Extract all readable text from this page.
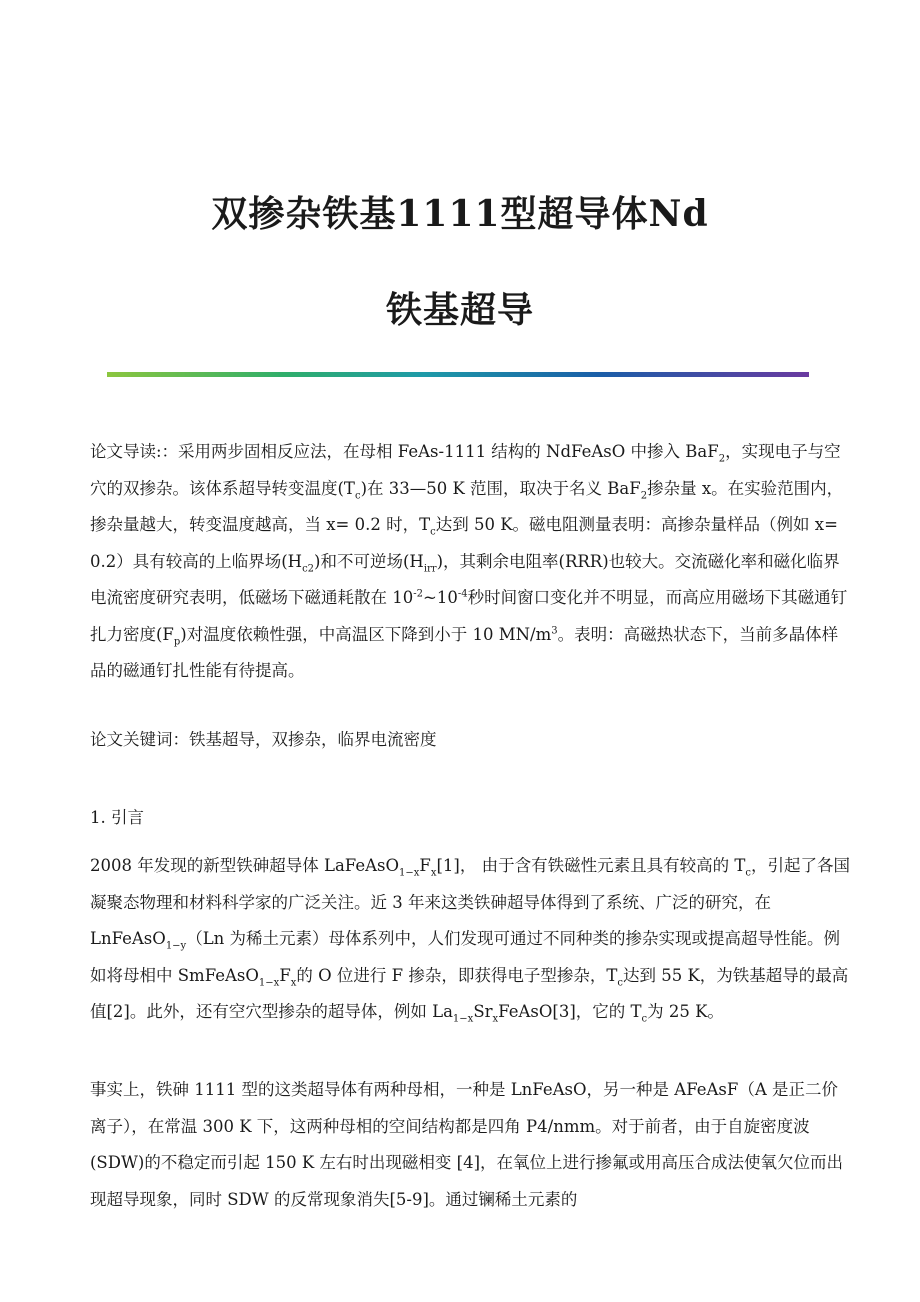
双掺杂铁基1111型超导体Nd
铁基超导

论文导读:：采用两步固相反应法，在母相 FeAs-1111 结构的 NdFeAsO 中掺入 BaF$_2$，实现电子与空穴的双掺杂。该体系超导转变温度$(T_c)$在 33—50 K 范围，取决于名义 BaF$_2$掺杂量 x。在实验范围内，掺杂量越大，转变温度越高，当 x= 0.2 时，$T_c$达到 50 K。磁电阻测量表明：高掺杂量样品（例如 x= 0.2）具有较高的上临界场$(H_{c2})$和不可逆场$(H_{irr})$，其剩余电阻率(RRR)也较大。交流磁化率和磁化临界电流密度研究表明，低磁场下磁通耗散在 $10^{-2}\sim 10^{-4}$秒时间窗口变化并不明显，而高应用磁场下其磁通钉扎力密度$(F_p)$对温度依赖性强，中高温区下降到小于 10 $MN/m^3$。表明：高磁热状态下，当前多晶体样品的磁通钉扎性能有待提高。

论文关键词：铁基超导，双掺杂，临界电流密度

1. 引言

2008 年发现的新型铁砷超导体 $LaFeAsO_{1-x}F_x[1]$， 由于含有铁磁性元素且具有较高的 $T_c$，引起了各国凝聚态物理和材料科学家的广泛关注。近 3 年来这类铁砷超导体得到了系统、广泛的研究，在 LnFeAsO$_{1-y}$（Ln 为稀土元素）母体系列中，人们发现可通过不同种类的掺杂实现或提高超导性能。例如将母相中 $SmFeAsO_{1-x}F_x$的 O 位进行 F 掺杂，即获得电子型掺杂，$T_c$达到 55 K，为铁基超导的最高值[2]。此外，还有空穴型掺杂的超导体，例如 $La_{1-x}Sr_xFeAsO[3]$，它的 $T_c$为 25 K。

事实上，铁砷 1111 型的这类超导体有两种母相，一种是 LnFeAsO，另一种是 AFeAsF（A 是正二价离子），在常温 300 K 下，这两种母相的空间结构都是四角 P4/nmm。对于前者，由于自旋密度波(SDW)的不稳定而引起 150 K 左右时出现磁相变 [4]，在氧位上进行掺氟或用高压合成法使氧欠位而出现超导现象，同时 SDW 的反常现象消失[5-9]。通过镧稀土元素的
